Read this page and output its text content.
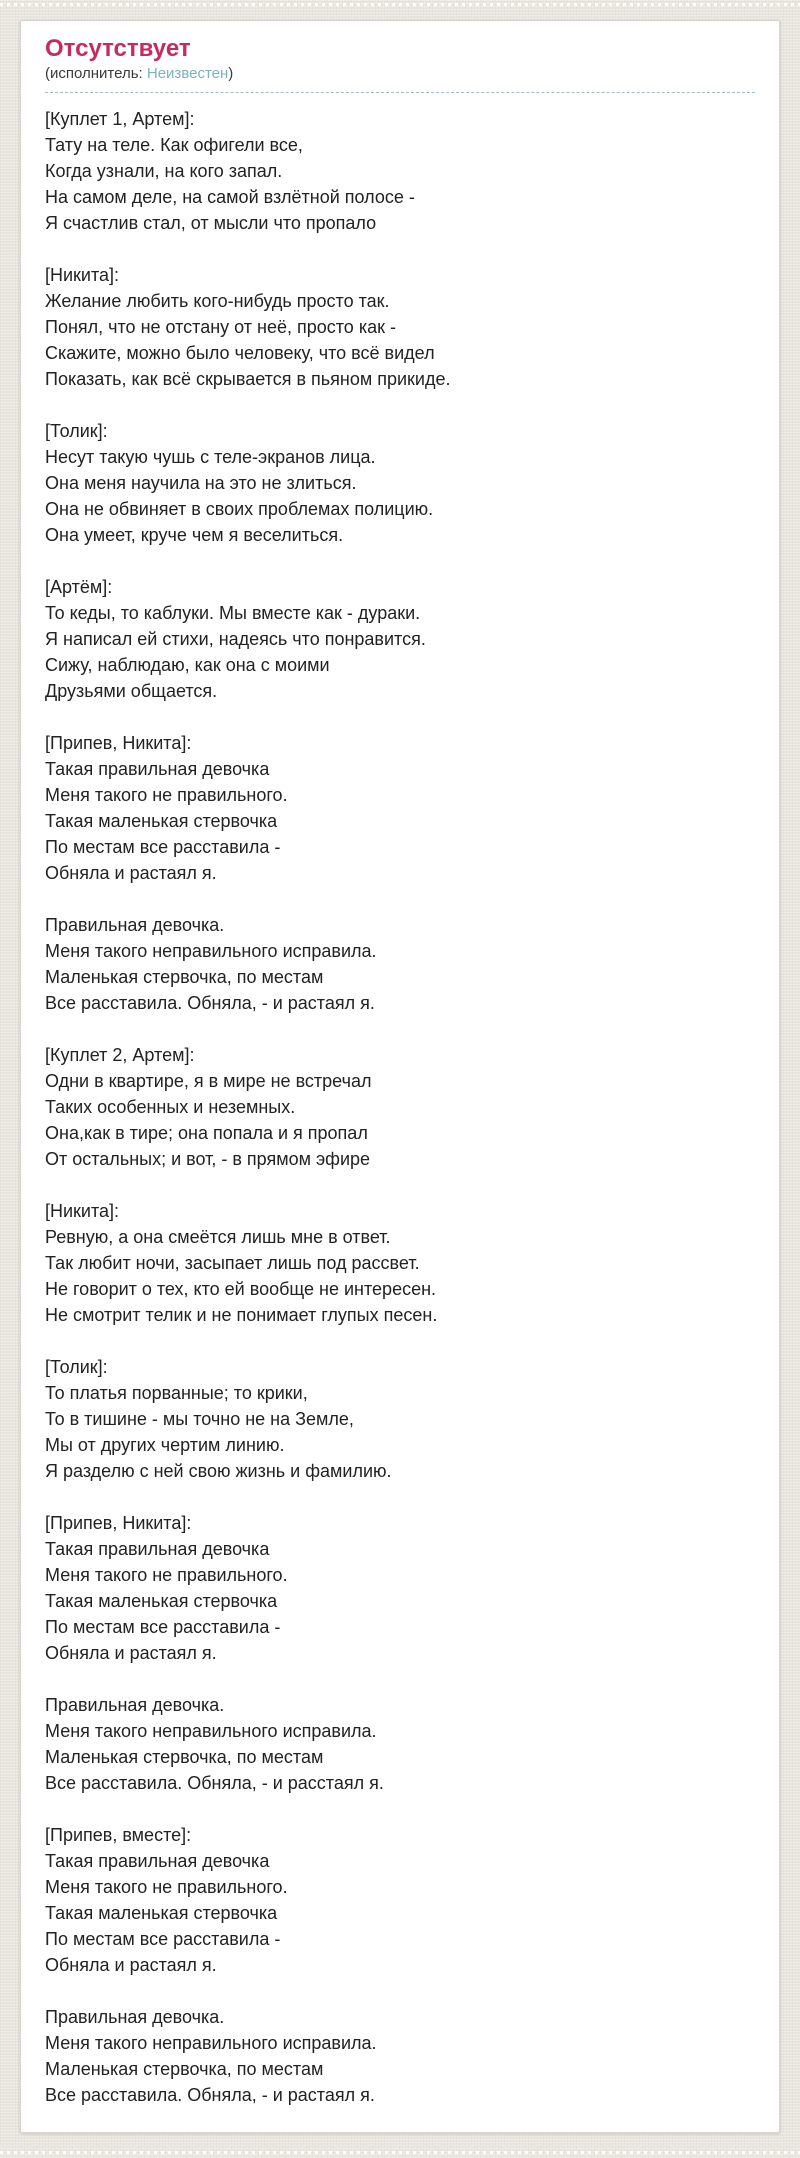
Отсутствует
(исполнитель: Неизвестен)
[Куплет 1, Артем]:
Тату на теле. Как офигели все,
Когда узнали, на кого запал.
На самом деле, на самой взлётной полосе -
Я счастлив стал, от мысли что пропало
[Никита]:
Желание любить кого-нибудь просто так.
Понял, что не отстану от неё, просто как -
Скажите, можно было человеку, что всё видел
Показать, как всё скрывается в пьяном прикиде.
[Толик]:
Несут такую чушь с теле-экранов лица.
Она меня научила на это не злиться.
Она не обвиняет в своих проблемах полицию.
Она умеет, круче чем я веселиться.
[Артём]:
То кеды, то каблуки. Мы вместе как - дураки.
Я написал ей стихи, надеясь что понравится.
Сижу, наблюдаю, как она с моими
Друзьями общается.
[Припев, Никита]:
Такая правильная девочка
Меня такого не правильного.
Такая маленькая стервочка
По местам все расставила -
Обняла и растаял я.
Правильная девочка.
Меня такого неправильного исправила.
Маленькая стервочка, по местам
Все расставила. Обняла, - и растаял я.
[Куплет 2, Артем]:
Одни в квартире, я в мире не встречал
Таких особенных и неземных.
Она,как в тире; она попала и я пропал
От остальных; и вот, - в прямом эфире
[Никита]:
Ревную, а она смеётся лишь мне в ответ.
Так любит ночи, засыпает лишь под рассвет.
Не говорит о тех, кто ей вообще не интересен.
Не смотрит телик и не понимает глупых песен.
[Толик]:
То платья порванные; то крики,
То в тишине - мы точно не на Земле,
Мы от других чертим линию.
Я разделю с ней свою жизнь и фамилию.
[Припев, Никита]:
Такая правильная девочка
Меня такого не правильного.
Такая маленькая стервочка
По местам все расставила -
Обняла и растаял я.
Правильная девочка.
Меня такого неправильного исправила.
Маленькая стервочка, по местам
Все расставила. Обняла, - и расстаял я.
[Припев, вместе]:
Такая правильная девочка
Меня такого не правильного.
Такая маленькая стервочка
По местам все расставила -
Обняла и растаял я.
Правильная девочка.
Меня такого неправильного исправила.
Маленькая стервочка, по местам
Все расставила. Обняла, - и растаял я.
